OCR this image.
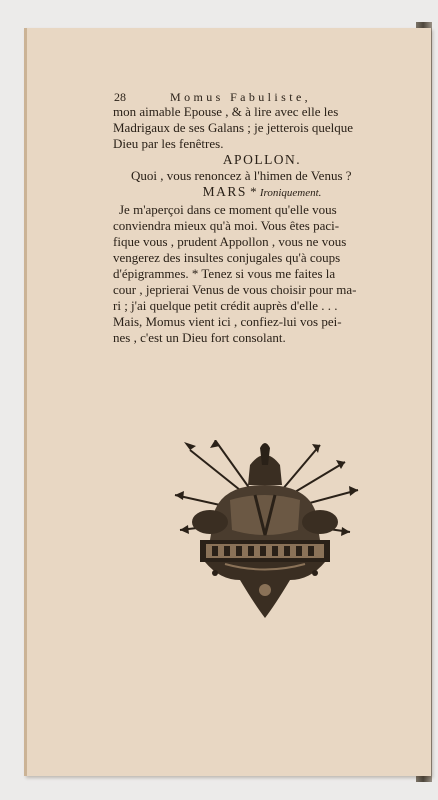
28	Momus Fabuliste,
mon aimable Epouse , & à lire avec elle les
Madrigaux de ses Galans ; je jetterois quelque
Dieu par les fenêtres.
APOLLON.
Quoi , vous renoncez à l'himen de Venus ?
MARS * Ironiquement.
Je m'aperçoi dans ce moment qu'elle vous
conviendra mieux qu'à moi. Vous êtes paci-
fique vous , prudent Appollon , vous ne vous
vengerez des insultes conjugales qu'à coups
d'épigrammes. * Tenez si vous me faites la
cour , jeprierai Venus de vous choisir pour ma-
ri ; j'ai quelque petit crédit auprès d'elle . . .
Mais, Momus vient ici , confiez-lui vos pei-
nes , c'est un Dieu fort consolant.
